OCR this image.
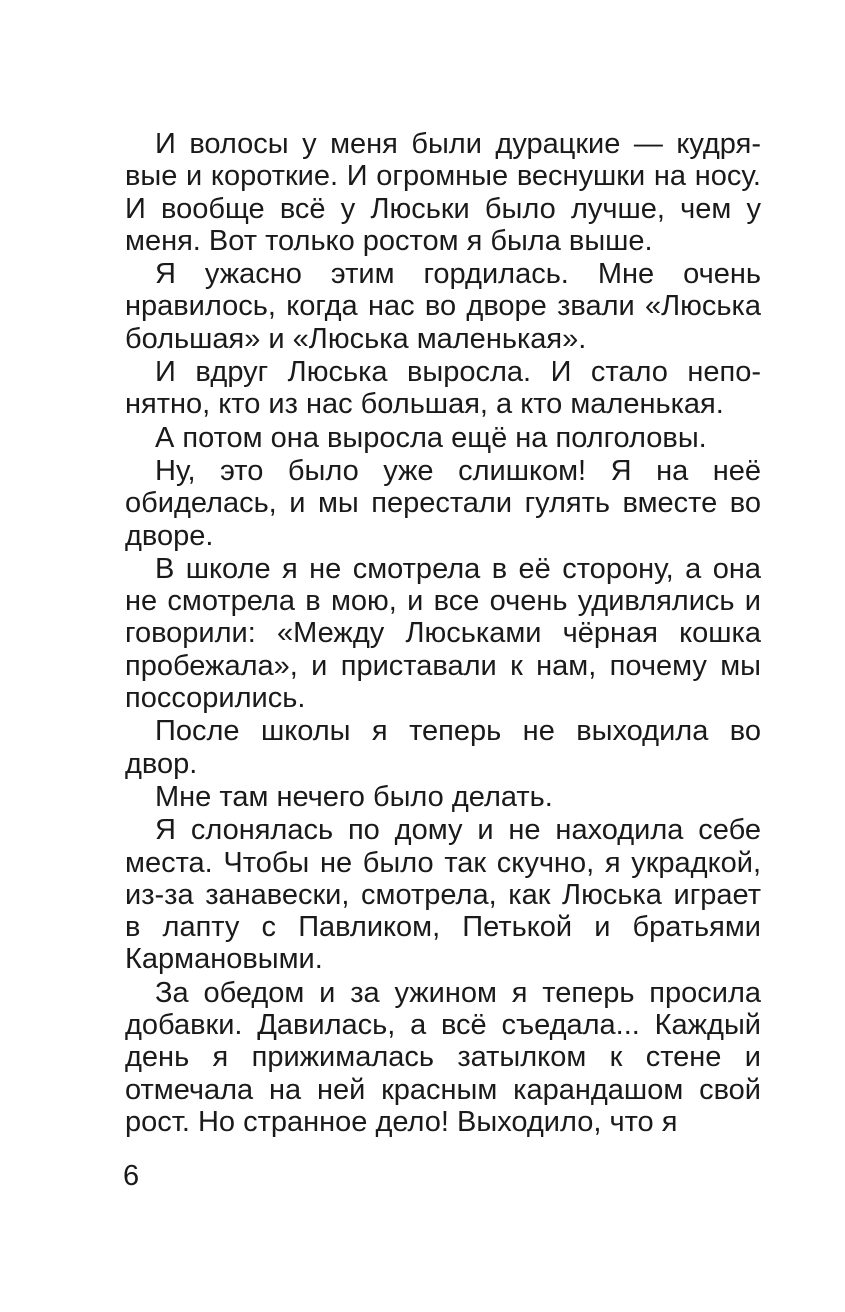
И волосы у меня были дурацкие — кудрявые и короткие. И огромные веснушки на носу. И вообще всё у Люськи было лучше, чем у меня. Вот только ростом я была выше.

Я ужасно этим гордилась. Мне очень нравилось, когда нас во дворе звали «Люська большая» и «Люська маленькая».

И вдруг Люська выросла. И стало непонятно, кто из нас большая, а кто маленькая.

А потом она выросла ещё на полголовы.

Ну, это было уже слишком! Я на неё обиделась, и мы перестали гулять вместе во дворе.

В школе я не смотрела в её сторону, а она не смотрела в мою, и все очень удивлялись и говорили: «Между Люськами чёрная кошка пробежала», и приставали к нам, почему мы поссорились.

После школы я теперь не выходила во двор.

Мне там нечего было делать.

Я слонялась по дому и не находила себе места. Чтобы не было так скучно, я украдкой, из-за занавески, смотрела, как Люська играет в лапту с Павликом, Петькой и братьями Кармановыми.

За обедом и за ужином я теперь просила добавки. Давилась, а всё съедала... Каждый день я прижималась затылком к стене и отмечала на ней красным карандашом свой рост. Но странное дело! Выходило, что я

6
